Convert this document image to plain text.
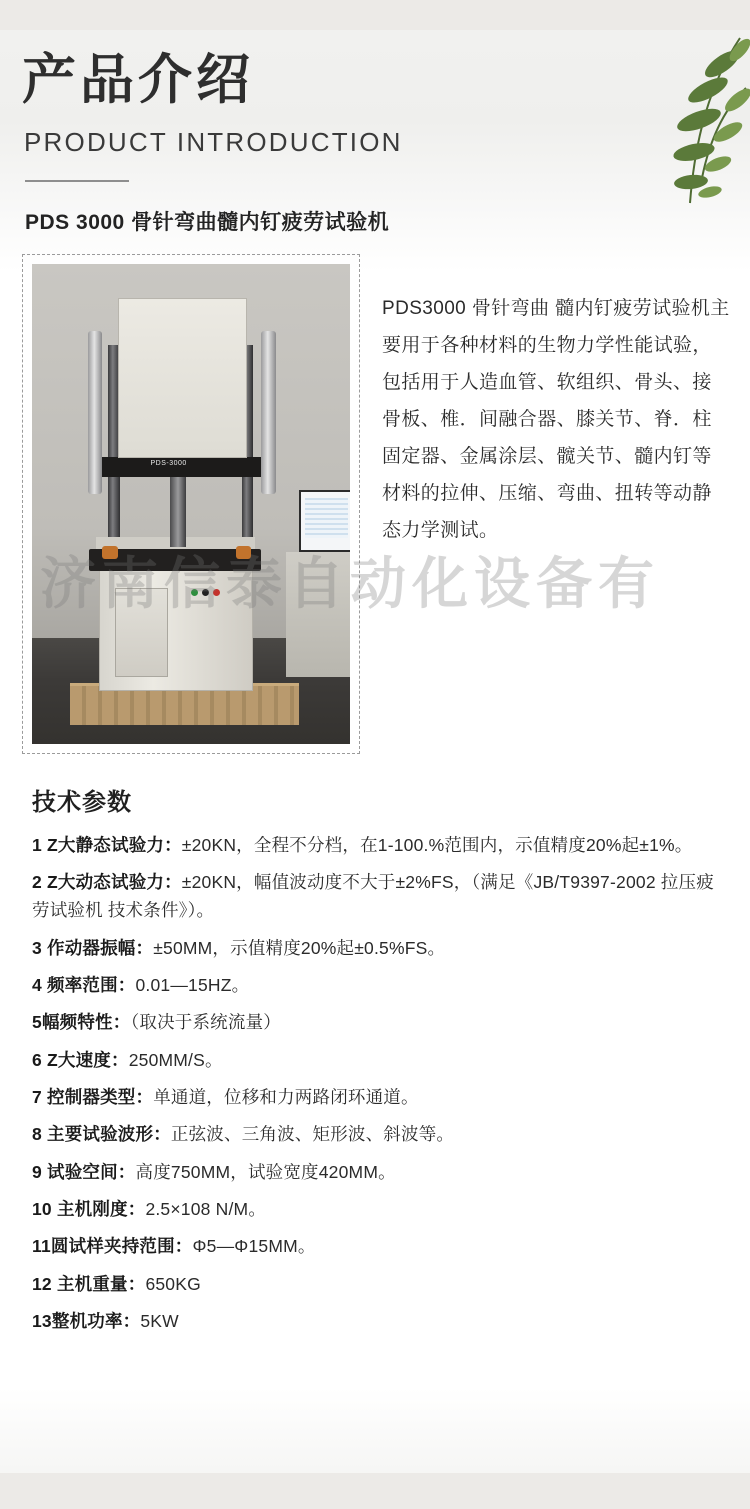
产品介绍
PRODUCT INTRODUCTION
PDS 3000 骨针弯曲髓内钉疲劳试验机
PDS-3000
PDS3000 骨针弯曲 髓内钉疲劳试验机主要用于各种材料的生物力学性能试验，包括用于人造血管、软组织、骨头、接骨板、椎．间融合器、膝关节、脊．柱固定器、金属涂层、髋关节、髓内钉等材料的拉伸、压缩、弯曲、扭转等动静态力学测试。
技术参数
1 Z大静态试验力：±20KN，全程不分档，在1-100.%范围内，示值精度20%起±1%。
2 Z大动态试验力：±20KN，幅值波动度不大于±2%FS，（满足《JB/T9397-2002 拉压疲劳试验机 技术条件》）。
3 作动器振幅：±50MM，示值精度20%起±0.5%FS。
4 频率范围：0.01—15HZ。
5幅频特性：（取决于系统流量）
6 Z大速度：250MM/S。
7 控制器类型：单通道，位移和力两路闭环通道。
8 主要试验波形：正弦波、三角波、矩形波、斜波等。
9 试验空间：高度750MM，试验宽度420MM。
10 主机刚度：2.5×108 N/M。
11圆试样夹持范围：Φ5—Φ15MM。
12 主机重量：650KG
13整机功率：5KW
济南信泰自动化设备有
